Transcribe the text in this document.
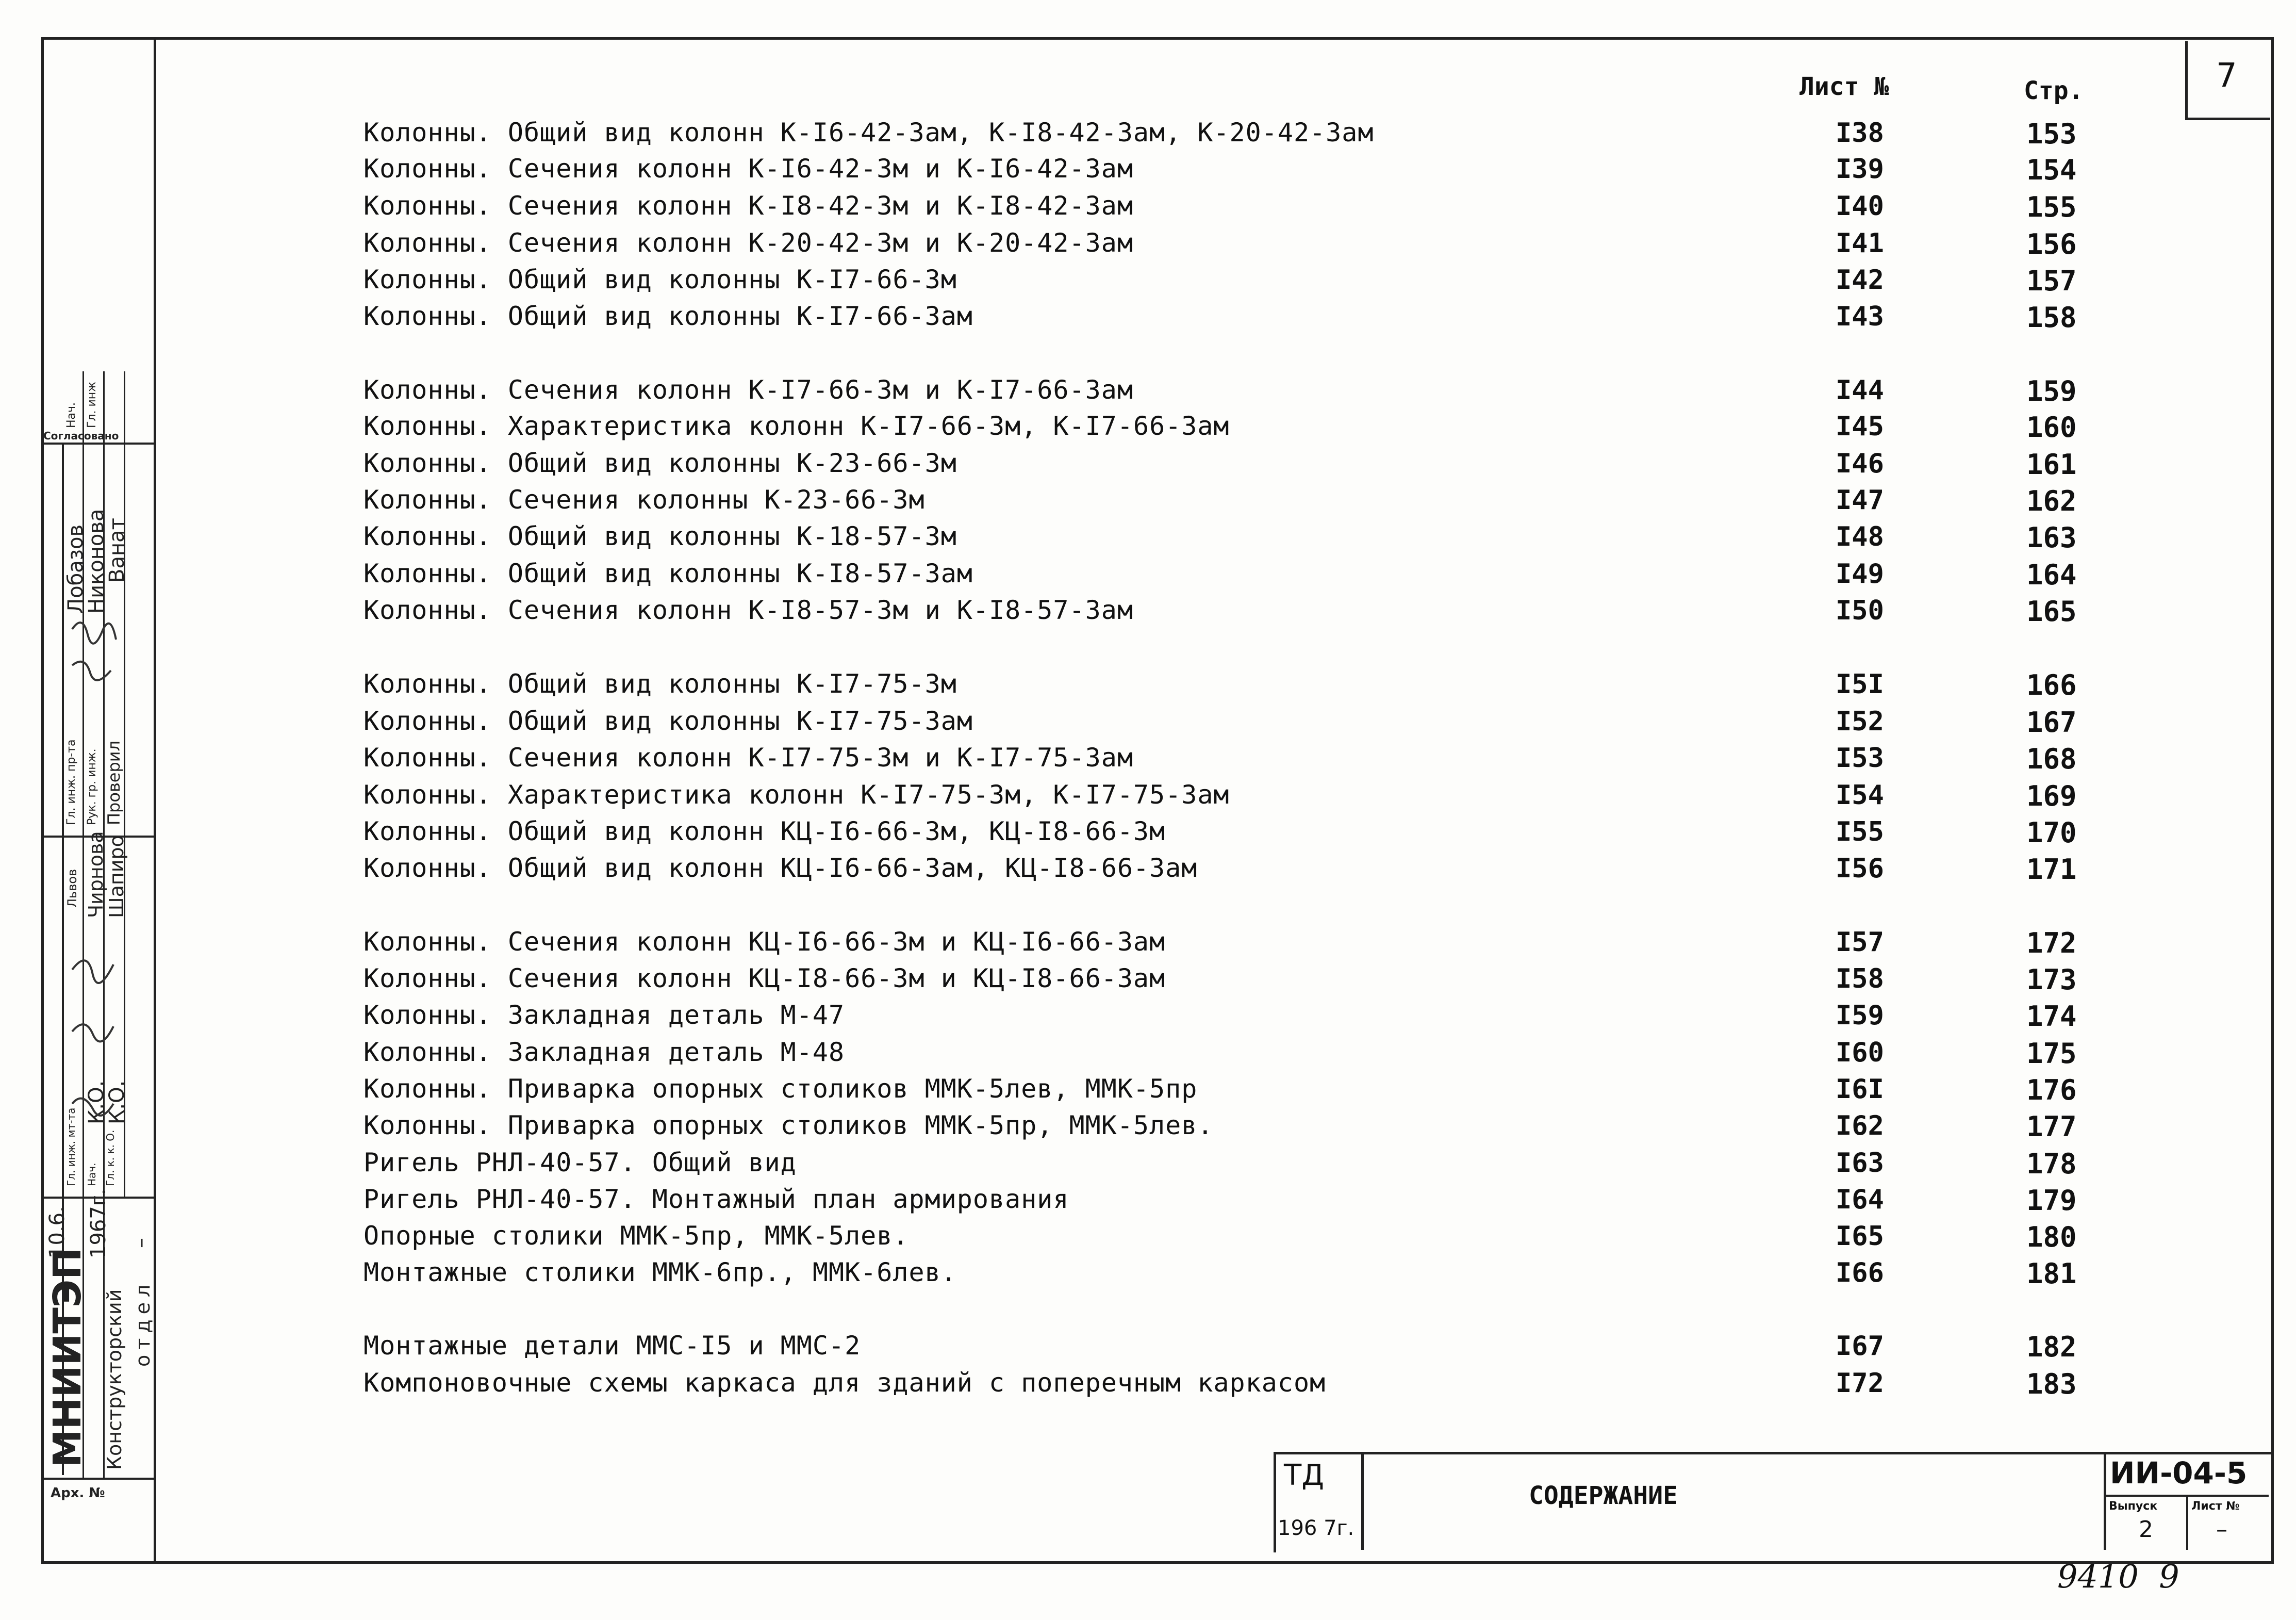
7
Лист №	Стр.
Колонны. Общий вид колонн К-I6-42-3ам, К-I8-42-3ам, К-20-42-3ам	I38	153
Колонны. Сечения колонн К-I6-42-3м и К-I6-42-3ам	I39	154
Колонны. Сечения колонн К-I8-42-3м и К-I8-42-3ам	I40	155
Колонны. Сечения колонн К-20-42-3м и К-20-42-3ам	I41	156
Колонны. Общий вид колонны К-I7-66-3м	I42	157
Колонны. Общий вид колонны К-I7-66-3ам	I43	158
Колонны. Сечения колонн К-I7-66-3м и К-I7-66-3ам	I44	159
Колонны. Характеристика колонн К-I7-66-3м, К-I7-66-3ам	I45	160
Колонны. Общий вид колонны К-23-66-3м	I46	161
Колонны. Сечения колонны К-23-66-3м	I47	162
Колонны. Общий вид колонны К-18-57-3м	I48	163
Колонны. Общий вид колонны К-I8-57-3ам	I49	164
Колонны. Сечения колонн К-I8-57-3м и К-I8-57-3ам	I50	165
Колонны. Общий вид колонны К-I7-75-3м	I5I	166
Колонны. Общий вид колонны К-I7-75-3ам	I52	167
Колонны. Сечения колонн К-I7-75-3м и К-I7-75-3ам	I53	168
Колонны. Характеристика колонн К-I7-75-3м, К-I7-75-3ам	I54	169
Колонны. Общий вид колонн КЦ-I6-66-3м, КЦ-I8-66-3м	I55	170
Колонны. Общий вид колонн КЦ-I6-66-3ам, КЦ-I8-66-3ам	I56	171
Колонны. Сечения колонн КЦ-I6-66-3м и КЦ-I6-66-3ам	I57	172
Колонны. Сечения колонн КЦ-I8-66-3м и КЦ-I8-66-3ам	I58	173
Колонны. Закладная деталь М-47	I59	174
Колонны. Закладная деталь М-48	I60	175
Колонны. Приварка опорных столиков ММК-5лев, ММК-5пр	I6I	176
Колонны. Приварка опорных столиков ММК-5пр, ММК-5лев.	I62	177
Ригель РНЛ-40-57. Общий вид	I63	178
Ригель РНЛ-40-57. Монтажный план армирования	I64	179
Опорные столики ММК-5пр, ММК-5лев.	I65	180
Монтажные столики ММК-6пр., ММК-6лев.	I66	181
Монтажные детали ММС-I5 и ММС-2	I67	182
Компоновочные схемы каркаса для зданий с поперечным каркасом	I72	183
ТД
196 7г.
СОДЕРЖАНИЕ
ИИ-04-5
Выпуск
2
Лист №
–
9410  9
МНИИТЭП Конструкторский отдел
10.6. 1967г. –
Арх. №
Нач. Гл. инж
Согласовано
Гл. инж. пр-та Рук. гр. инж. Проверил
Гл. инж. мт-та Нач. Гл. к. к. О.
Лобазов
Никонова
Ванат
Львов Чирнова
Шапиро
К.О.
К.О.
